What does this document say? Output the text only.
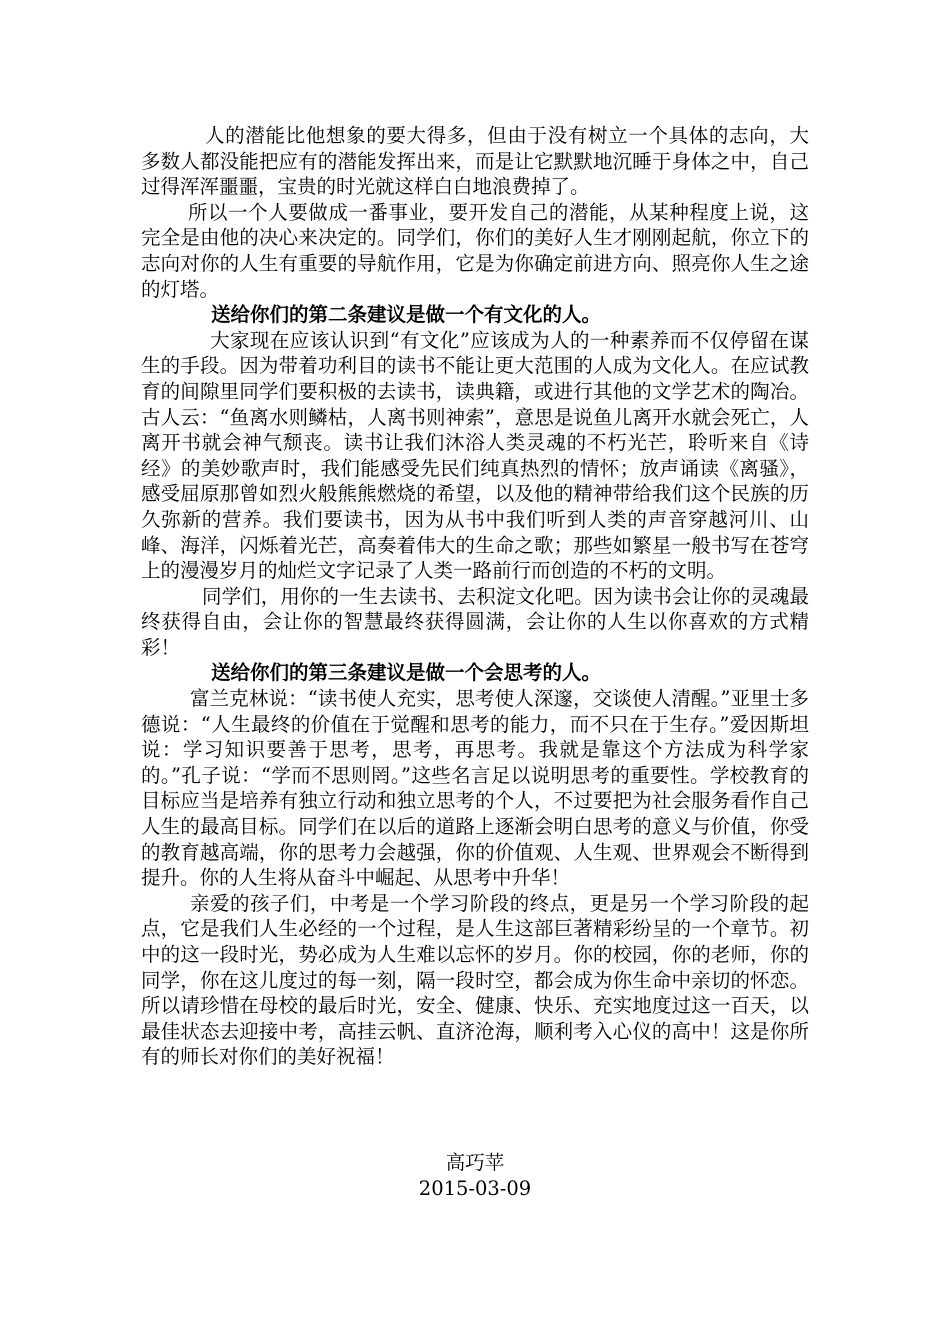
人的潜能比他想象的要大得多，但由于没有树立一个具体的志向，大多数人都没能把应有的潜能发挥出来，而是让它默默地沉睡于身体之中，自己过得浑浑噩噩，宝贵的时光就这样白白地浪费掉了。

所以一个人要做成一番事业，要开发自己的潜能，从某种程度上说，这完全是由他的决心来决定的。同学们，你们的美好人生才刚刚起航，你立下的志向对你的人生有重要的导航作用，它是为你确定前进方向、照亮你人生之途的灯塔。

送给你们的第二条建议是做一个有文化的人。

大家现在应该认识到“有文化”应该成为人的一种素养而不仅停留在谋生的手段。因为带着功利目的读书不能让更大范围的人成为文化人。在应试教育的间隙里同学们要积极的去读书，读典籍，或进行其他的文学艺术的陶冶。古人云：“鱼离水则鳞枯，人离书则神索”，意思是说鱼儿离开水就会死亡，人离开书就会神气颓丧。读书让我们沐浴人类灵魂的不朽光芒，聆听来自《诗经》的美妙歌声时，我们能感受先民们纯真热烈的情怀；放声诵读《离骚》，感受屈原那曾如烈火般熊熊燃烧的希望，以及他的精神带给我们这个民族的历久弥新的营养。我们要读书，因为从书中我们听到人类的声音穿越河川、山峰、海洋，闪烁着光芒，高奏着伟大的生命之歌；那些如繁星一般书写在苍穹上的漫漫岁月的灿烂文字记录了人类一路前行而创造的不朽的文明。

同学们，用你的一生去读书、去积淀文化吧。因为读书会让你的灵魂最终获得自由，会让你的智慧最终获得圆满，会让你的人生以你喜欢的方式精彩！

送给你们的第三条建议是做一个会思考的人。

富兰克林说：“读书使人充实，思考使人深邃，交谈使人清醒。”亚里士多德说：“人生最终的价值在于觉醒和思考的能力，而不只在于生存。”爱因斯坦说：学习知识要善于思考，思考，再思考。我就是靠这个方法成为科学家的。”孔子说：“学而不思则罔。”这些名言足以说明思考的重要性。学校教育的目标应当是培养有独立行动和独立思考的个人，不过要把为社会服务看作自己人生的最高目标。同学们在以后的道路上逐渐会明白思考的意义与价值，你受的教育越高端，你的思考力会越强，你的价值观、人生观、世界观会不断得到提升。你的人生将从奋斗中崛起、从思考中升华！

亲爱的孩子们，中考是一个学习阶段的终点，更是另一个学习阶段的起点，它是我们人生必经的一个过程，是人生这部巨著精彩纷呈的一个章节。初中的这一段时光，势必成为人生难以忘怀的岁月。你的校园，你的老师，你的同学，你在这儿度过的每一刻，隔一段时空，都会成为你生命中亲切的怀恋。所以请珍惜在母校的最后时光，安全、健康、快乐、充实地度过这一百天，以最佳状态去迎接中考，高挂云帆、直济沧海，顺利考入心仪的高中！这是你所有的师长对你们的美好祝福！

高巧苹
2015-03-09
